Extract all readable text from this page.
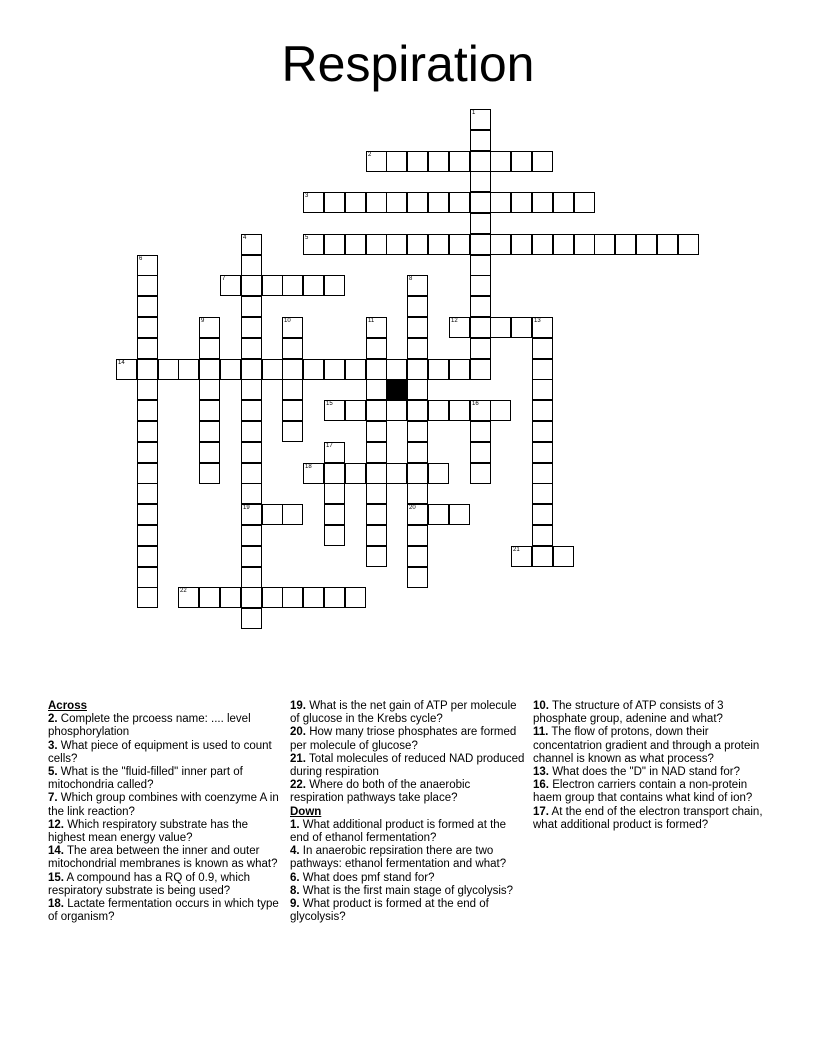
Respiration
1
2
3
4
19
5
6
7	8
20
9	10	11	12	13
14
15	16
17
18
21
22
Across
2. Complete the prcoess name: .... level phosphorylation
3. What piece of equipment is used to count cells?
5. What is the "fluid-filled" inner part of mitochondria called?
7. Which group combines with coenzyme A in the link reaction?
12. Which respiratory substrate has the highest mean energy value?
14. The area between the inner and outer mitochondrial membranes is known as what?
15. A compound has a RQ of 0.9, which respiratory substrate is being used?
18. Lactate fermentation occurs in which type of organism?
19. What is the net gain of ATP per molecule of glucose in the Krebs cycle?
20. How many triose phosphates are formed per molecule of glucose?
21. Total molecules of reduced NAD produced during respiration
22. Where do both of the anaerobic respiration pathways take place?
Down
1. What additional product is formed at the end of ethanol fermentation?
4. In anaerobic repsiration there are two pathways: ethanol fermentation and what?
6. What does pmf stand for?
8. What is the first main stage of glycolysis?
9. What product is formed at the end of glycolysis?
10. The structure of ATP consists of 3 phosphate group, adenine and what?
11. The flow of protons, down their concentatrion gradient and through a protein channel is known as what process?
13. What does the "D" in NAD stand for?
16. Electron carriers contain a non-protein haem group that contains what kind of ion?
17. At the end of the electron transport chain, what additional product is formed?
